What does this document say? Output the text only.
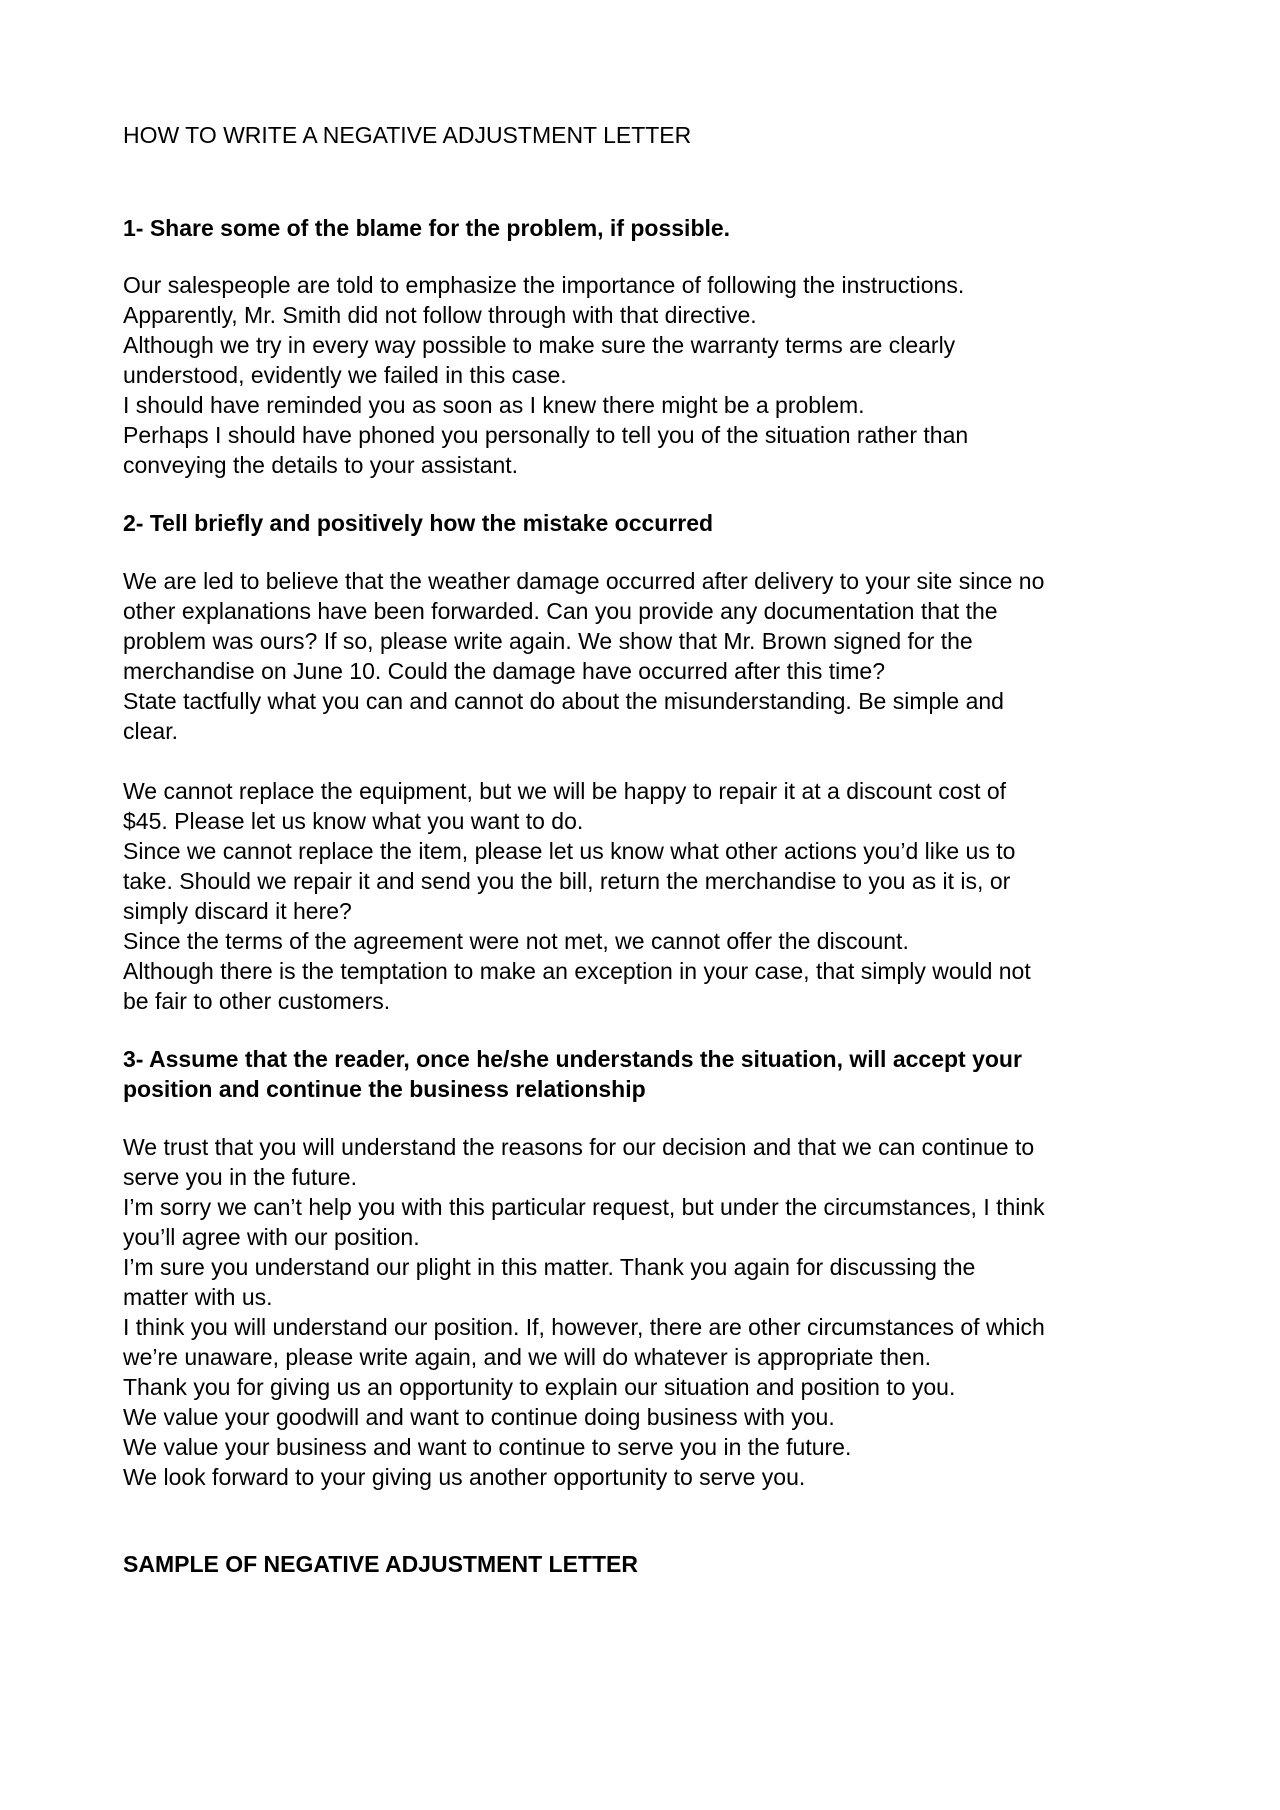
HOW TO WRITE A NEGATIVE ADJUSTMENT LETTER
1- Share some of the blame for the problem, if possible.

Our salespeople are told to emphasize the importance of following the instructions.
Apparently, Mr. Smith did not follow through with that directive.
Although we try in every way possible to make sure the warranty terms are clearly
understood, evidently we failed in this case.
I should have reminded you as soon as I knew there might be a problem.
Perhaps I should have phoned you personally to tell you of the situation rather than
conveying the details to your assistant.

2- Tell briefly and positively how the mistake occurred

We are led to believe that the weather damage occurred after delivery to your site since no
other explanations have been forwarded. Can you provide any documentation that the
problem was ours? If so, please write again. We show that Mr. Brown signed for the
merchandise on June 10. Could the damage have occurred after this time?
State tactfully what you can and cannot do about the misunderstanding. Be simple and
clear.

We cannot replace the equipment, but we will be happy to repair it at a discount cost of
$45. Please let us know what you want to do.
Since we cannot replace the item, please let us know what other actions you’d like us to
take. Should we repair it and send you the bill, return the merchandise to you as it is, or
simply discard it here?
Since the terms of the agreement were not met, we cannot offer the discount.
Although there is the temptation to make an exception in your case, that simply would not
be fair to other customers.

3- Assume that the reader, once he/she understands the situation, will accept your
position and continue the business relationship

We trust that you will understand the reasons for our decision and that we can continue to
serve you in the future.
I’m sorry we can’t help you with this particular request, but under the circumstances, I think
you’ll agree with our position.
I’m sure you understand our plight in this matter. Thank you again for discussing the
matter with us.
I think you will understand our position. If, however, there are other circumstances of which
we’re unaware, please write again, and we will do whatever is appropriate then.
Thank you for giving us an opportunity to explain our situation and position to you.
We value your goodwill and want to continue doing business with you.
We value your business and want to continue to serve you in the future.
We look forward to your giving us another opportunity to serve you.

SAMPLE OF NEGATIVE ADJUSTMENT LETTER
